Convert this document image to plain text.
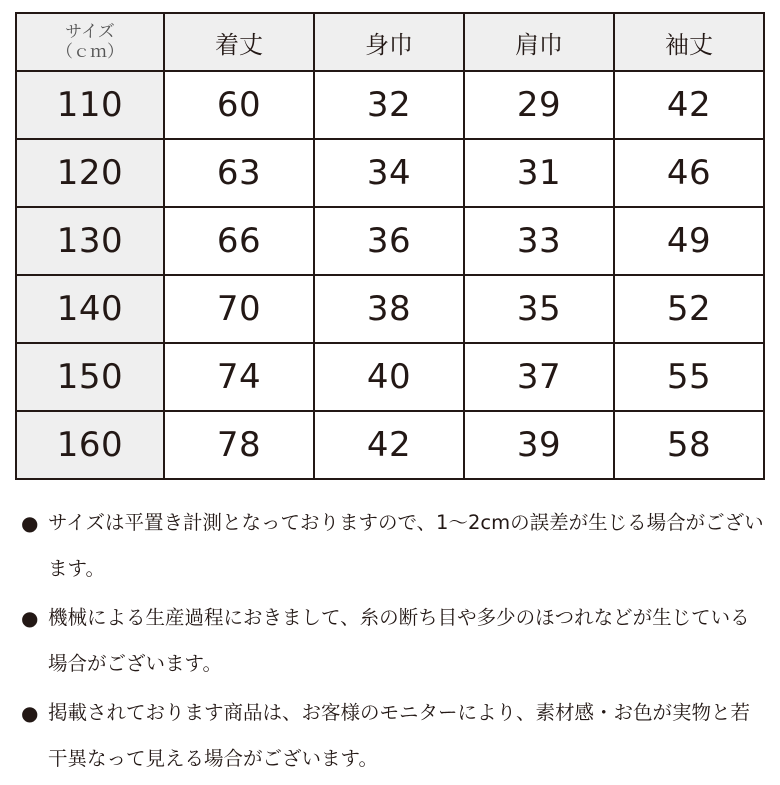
サイズ
（ｃｍ）	着丈	身巾	肩巾	袖丈
110	60	32	29	42
120	63	34	31	46
130	66	36	33	49
140	70	38	35	52
150	74	40	37	55
160	78	42	39	58
● サイズは平置き計測となっておりますので、1～2cmの誤差が生じる場合がございます。
● 機械による生産過程におきまして、糸の断ち目や多少のほつれなどが生じている場合がございます。
● 掲載されております商品は、お客様のモニターにより、素材感・お色が実物と若干異なって見える場合がございます。
